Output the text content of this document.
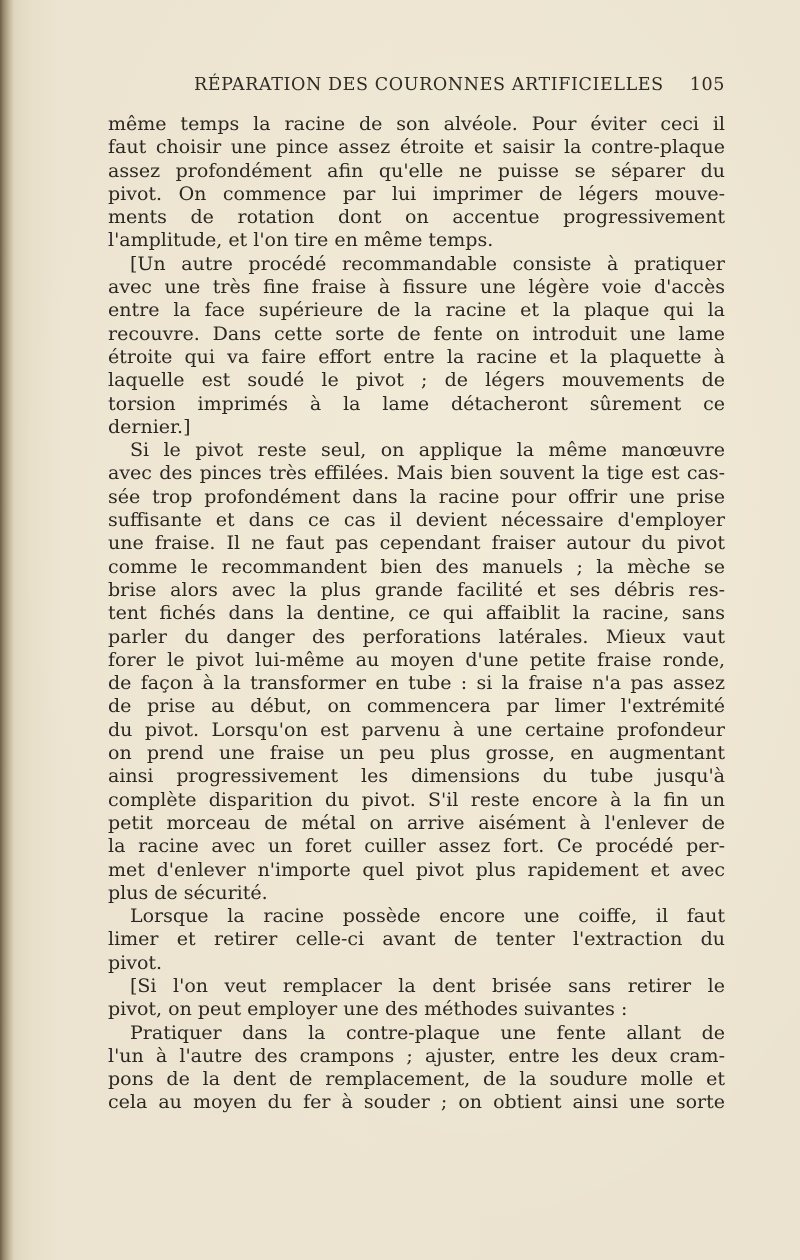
RÉPARATION DES COURONNES ARTIFICIELLES 105
même temps la racine de son alvéole. Pour éviter ceci il
faut choisir une pince assez étroite et saisir la contre-plaque
assez profondément afin qu'elle ne puisse se séparer du
pivot. On commence par lui imprimer de légers mouve-
ments de rotation dont on accentue progressivement
l'amplitude, et l'on tire en même temps.
[Un autre procédé recommandable consiste à pratiquer
avec une très fine fraise à fissure une légère voie d'accès
entre la face supérieure de la racine et la plaque qui la
recouvre. Dans cette sorte de fente on introduit une lame
étroite qui va faire effort entre la racine et la plaquette à
laquelle est soudé le pivot ; de légers mouvements de
torsion imprimés à la lame détacheront sûrement ce
dernier.]
Si le pivot reste seul, on applique la même manœuvre
avec des pinces très effilées. Mais bien souvent la tige est cas-
sée trop profondément dans la racine pour offrir une prise
suffisante et dans ce cas il devient nécessaire d'employer
une fraise. Il ne faut pas cependant fraiser autour du pivot
comme le recommandent bien des manuels ; la mèche se
brise alors avec la plus grande facilité et ses débris res-
tent fichés dans la dentine, ce qui affaiblit la racine, sans
parler du danger des perforations latérales. Mieux vaut
forer le pivot lui-même au moyen d'une petite fraise ronde,
de façon à la transformer en tube : si la fraise n'a pas assez
de prise au début, on commencera par limer l'extrémité
du pivot. Lorsqu'on est parvenu à une certaine profondeur
on prend une fraise un peu plus grosse, en augmentant
ainsi progressivement les dimensions du tube jusqu'à
complète disparition du pivot. S'il reste encore à la fin un
petit morceau de métal on arrive aisément à l'enlever de
la racine avec un foret cuiller assez fort. Ce procédé per-
met d'enlever n'importe quel pivot plus rapidement et avec
plus de sécurité.
Lorsque la racine possède encore une coiffe, il faut
limer et retirer celle-ci avant de tenter l'extraction du
pivot.
[Si l'on veut remplacer la dent brisée sans retirer le
pivot, on peut employer une des méthodes suivantes :
Pratiquer dans la contre-plaque une fente allant de
l'un à l'autre des crampons ; ajuster, entre les deux cram-
pons de la dent de remplacement, de la soudure molle et
cela au moyen du fer à souder ; on obtient ainsi une sorte
